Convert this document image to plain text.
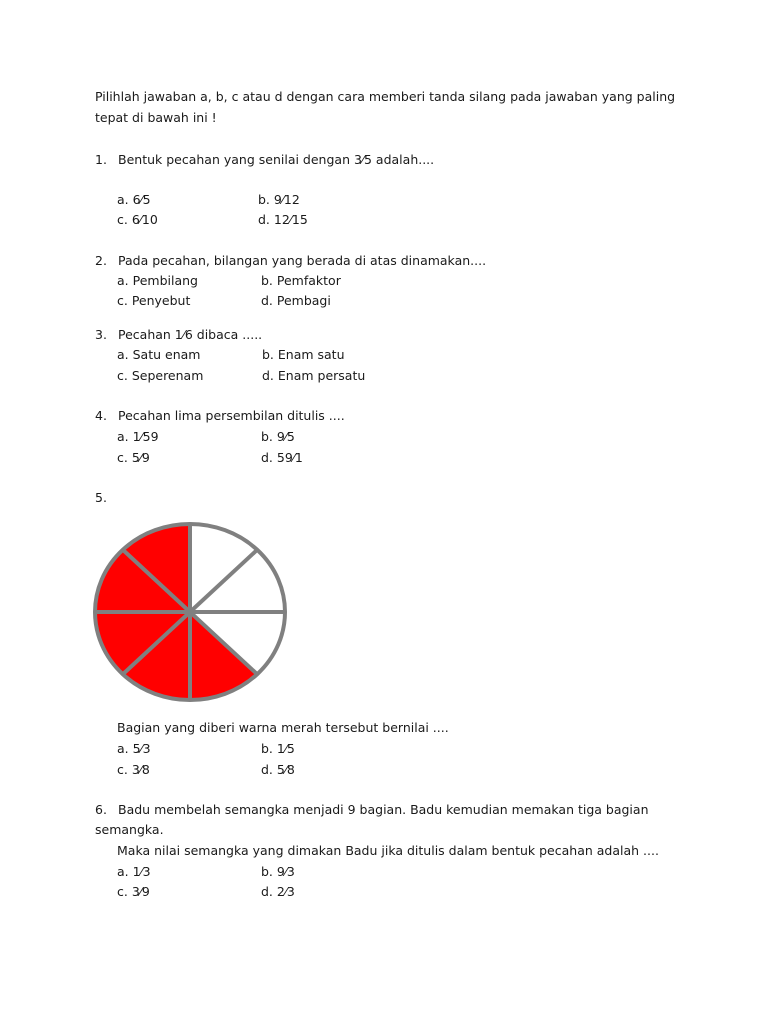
Pilihlah jawaban a, b, c atau d dengan cara memberi tanda silang pada jawaban yang paling
tepat di bawah ini !
1. Bentuk pecahan yang senilai dengan 3⁄5 adalah....
a. 6⁄5	b. 9⁄12
c. 6⁄10	d. 12⁄15
2. Pada pecahan, bilangan yang berada di atas dinamakan....
a. Pembilang	b. Pemfaktor
c. Penyebut	d. Pembagi
3. Pecahan 1⁄6 dibaca .....
a. Satu enam	b. Enam satu
c. Seperenam	d. Enam persatu
4. Pecahan lima persembilan ditulis ....
a. 1⁄59	b. 9⁄5
c. 5⁄9	d. 59⁄1
5.
Bagian yang diberi warna merah tersebut bernilai ....
a. 5⁄3	b. 1⁄5
c. 3⁄8	d. 5⁄8
6. Badu membelah semangka menjadi 9 bagian. Badu kemudian memakan tiga bagian
semangka.
Maka nilai semangka yang dimakan Badu jika ditulis dalam bentuk pecahan adalah ....
a. 1⁄3	b. 9⁄3
c. 3⁄9	d. 2⁄3
